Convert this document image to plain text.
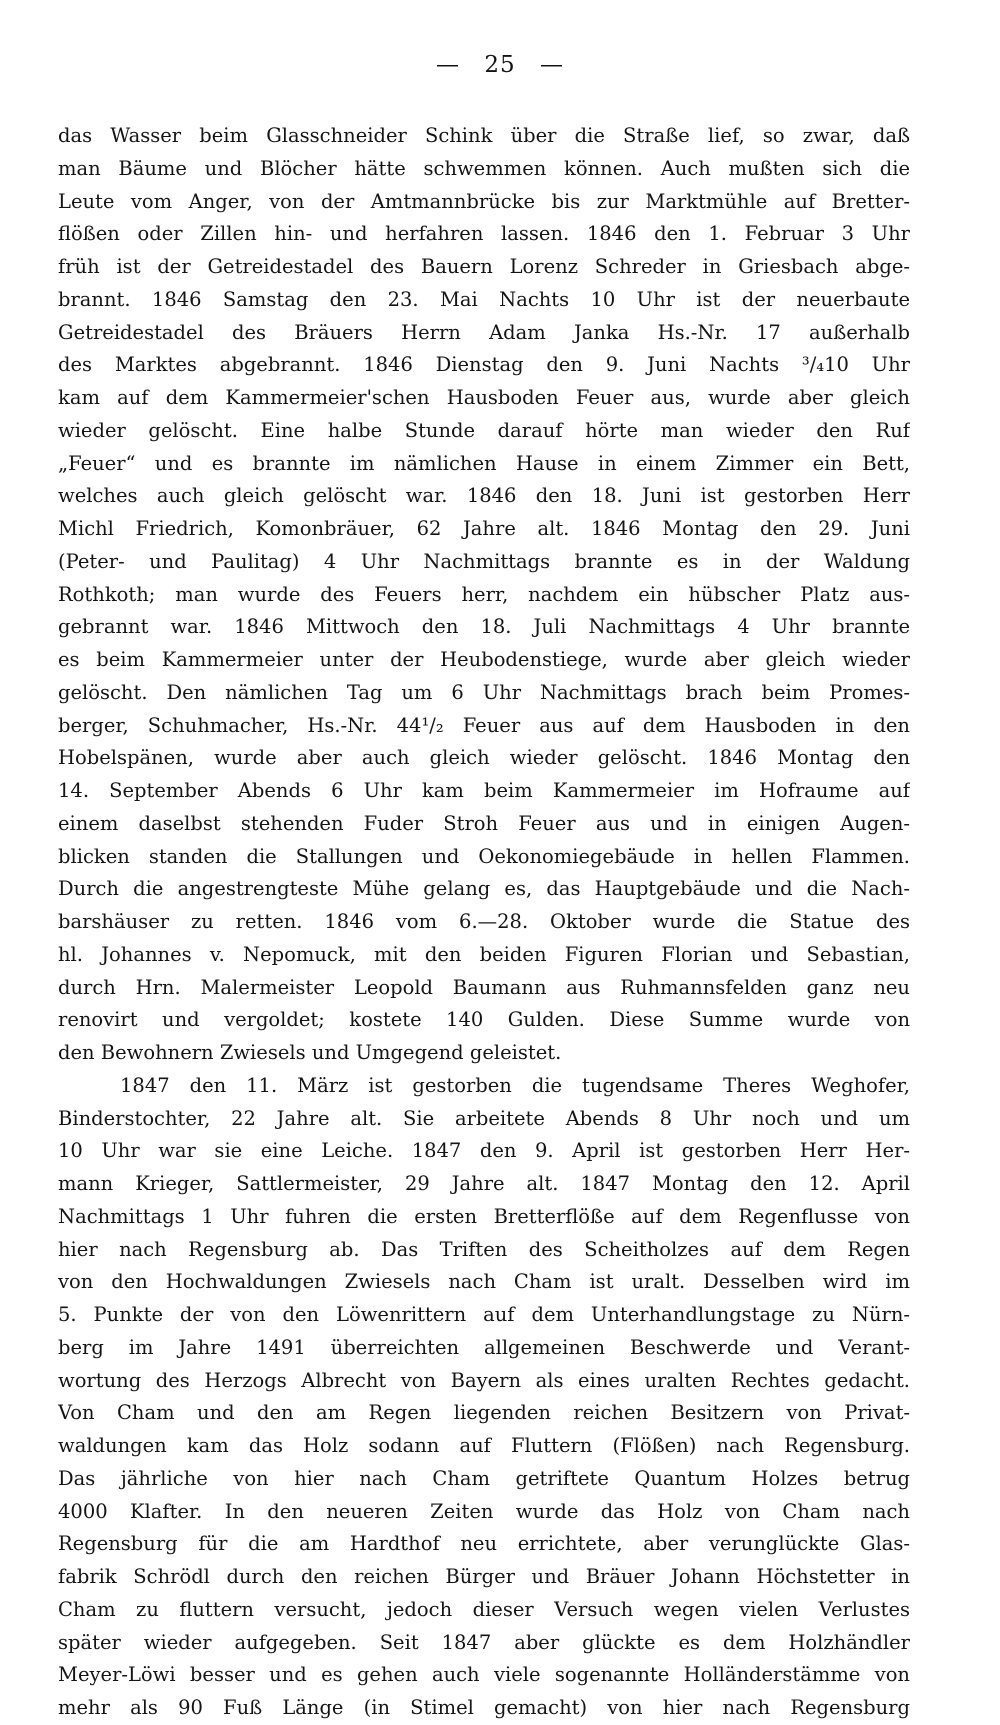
— 25 —
das Wasser beim Glasschneider Schink über die Straße lief, so zwar, daß
man Bäume und Blöcher hätte schwemmen können. Auch mußten sich die
Leute vom Anger, von der Amtmannbrücke bis zur Marktmühle auf Bretter-
flößen oder Zillen hin- und herfahren lassen. 1846 den 1. Februar 3 Uhr
früh ist der Getreidestadel des Bauern Lorenz Schreder in Griesbach abge-
brannt. 1846 Samstag den 23. Mai Nachts 10 Uhr ist der neuerbaute
Getreidestadel des Bräuers Herrn Adam Janka Hs.-Nr. 17 außerhalb
des Marktes abgebrannt. 1846 Dienstag den 9. Juni Nachts ³/₄10 Uhr
kam auf dem Kammermeier'schen Hausboden Feuer aus, wurde aber gleich
wieder gelöscht. Eine halbe Stunde darauf hörte man wieder den Ruf
„Feuer“ und es brannte im nämlichen Hause in einem Zimmer ein Bett,
welches auch gleich gelöscht war. 1846 den 18. Juni ist gestorben Herr
Michl Friedrich, Komonbräuer, 62 Jahre alt. 1846 Montag den 29. Juni
(Peter- und Paulitag) 4 Uhr Nachmittags brannte es in der Waldung
Rothkoth; man wurde des Feuers herr, nachdem ein hübscher Platz aus-
gebrannt war. 1846 Mittwoch den 18. Juli Nachmittags 4 Uhr brannte
es beim Kammermeier unter der Heubodenstiege, wurde aber gleich wieder
gelöscht. Den nämlichen Tag um 6 Uhr Nachmittags brach beim Promes-
berger, Schuhmacher, Hs.-Nr. 44¹/₂ Feuer aus auf dem Hausboden in den
Hobelspänen, wurde aber auch gleich wieder gelöscht. 1846 Montag den
14. September Abends 6 Uhr kam beim Kammermeier im Hofraume auf
einem daselbst stehenden Fuder Stroh Feuer aus und in einigen Augen-
blicken standen die Stallungen und Oekonomiegebäude in hellen Flammen.
Durch die angestrengteste Mühe gelang es, das Hauptgebäude und die Nach-
barshäuser zu retten. 1846 vom 6.—28. Oktober wurde die Statue des
hl. Johannes v. Nepomuck, mit den beiden Figuren Florian und Sebastian,
durch Hrn. Malermeister Leopold Baumann aus Ruhmannsfelden ganz neu
renovirt und vergoldet; kostete 140 Gulden. Diese Summe wurde von
den Bewohnern Zwiesels und Umgegend geleistet.
1847 den 11. März ist gestorben die tugendsame Theres Weghofer,
Binderstochter, 22 Jahre alt. Sie arbeitete Abends 8 Uhr noch und um
10 Uhr war sie eine Leiche. 1847 den 9. April ist gestorben Herr Her-
mann Krieger, Sattlermeister, 29 Jahre alt. 1847 Montag den 12. April
Nachmittags 1 Uhr fuhren die ersten Bretterflöße auf dem Regenflusse von
hier nach Regensburg ab. Das Triften des Scheitholzes auf dem Regen
von den Hochwaldungen Zwiesels nach Cham ist uralt. Desselben wird im
5. Punkte der von den Löwenrittern auf dem Unterhandlungstage zu Nürn-
berg im Jahre 1491 überreichten allgemeinen Beschwerde und Verant-
wortung des Herzogs Albrecht von Bayern als eines uralten Rechtes gedacht.
Von Cham und den am Regen liegenden reichen Besitzern von Privat-
waldungen kam das Holz sodann auf Fluttern (Flößen) nach Regensburg.
Das jährliche von hier nach Cham getriftete Quantum Holzes betrug
4000 Klafter. In den neueren Zeiten wurde das Holz von Cham nach
Regensburg für die am Hardthof neu errichtete, aber verunglückte Glas-
fabrik Schrödl durch den reichen Bürger und Bräuer Johann Höchstetter in
Cham zu fluttern versucht, jedoch dieser Versuch wegen vielen Verlustes
später wieder aufgegeben. Seit 1847 aber glückte es dem Holzhändler
Meyer-Löwi besser und es gehen auch viele sogenannte Holländerstämme von
mehr als 90 Fuß Länge (in Stimel gemacht) von hier nach Regensburg
